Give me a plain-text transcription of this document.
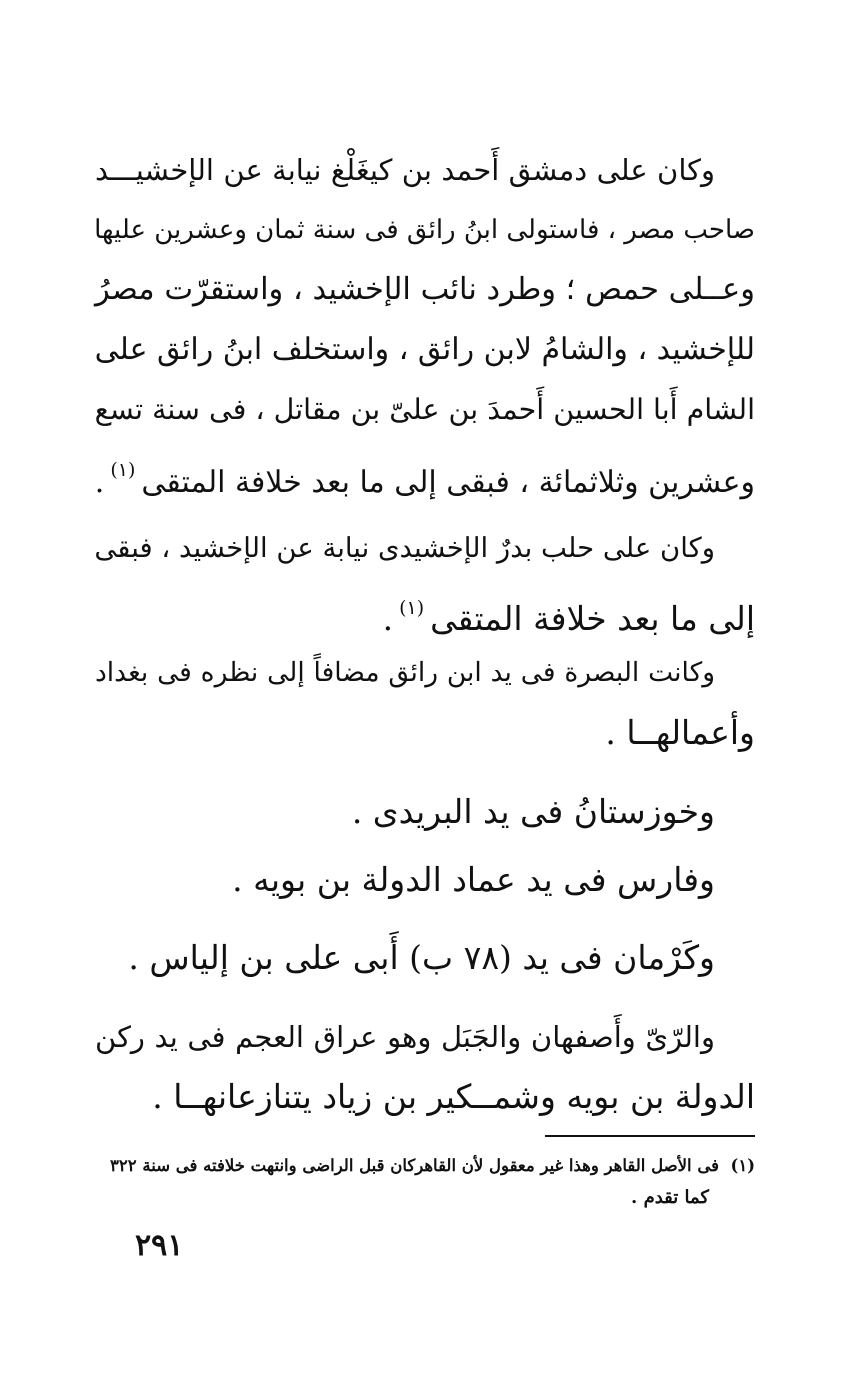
وكان على دمشق أَحمد بن كيغَلْغ نيابة عن الإخشيـــد
صاحب مصر ، فاستولى ابنُ رائق فى سنة ثمان وعشرين عليها
وعــلى حمص ؛ وطرد نائب الإخشيد ، واستقرّت مصرُ
للإخشيد ، والشامُ لابن رائق ، واستخلف ابنُ رائق على
الشام أَبا الحسين أَحمدَ بن علىّ بن مقاتل ، فى سنة تسع
وعشرين وثلاثمائة ، فبقى إلى ما بعد خلافة المتقى$^{(١)}$.

وكان على حلب بدرٌ الإخشيدى نيابة عن الإخشيد ، فبقى
إلى ما بعد خلافة المتقى$^{(١)}$.

وكانت البصرة فى يد ابن رائق مضافاً إلى نظره فى بغداد
وأعمالهــا .

وخوزستانُ فى يد البريدى .

وفارس فى يد عماد الدولة بن بويه .

وكَرْمان فى يد (٧٨ ب) أَبى على بن إلياس .

والرّىّ وأَصفهان والجَبَل وهو عراق العجم فى يد ركن
الدولة بن بويه وشمــكير بن زياد يتنازعانهــا .

(١)  فى الأصل القاهر وهذا غير معقول لأن القاهركان قبل الراضى وانتهت خلافته فى سنة ٣٢٢
كما تقدم .

٢٩١
